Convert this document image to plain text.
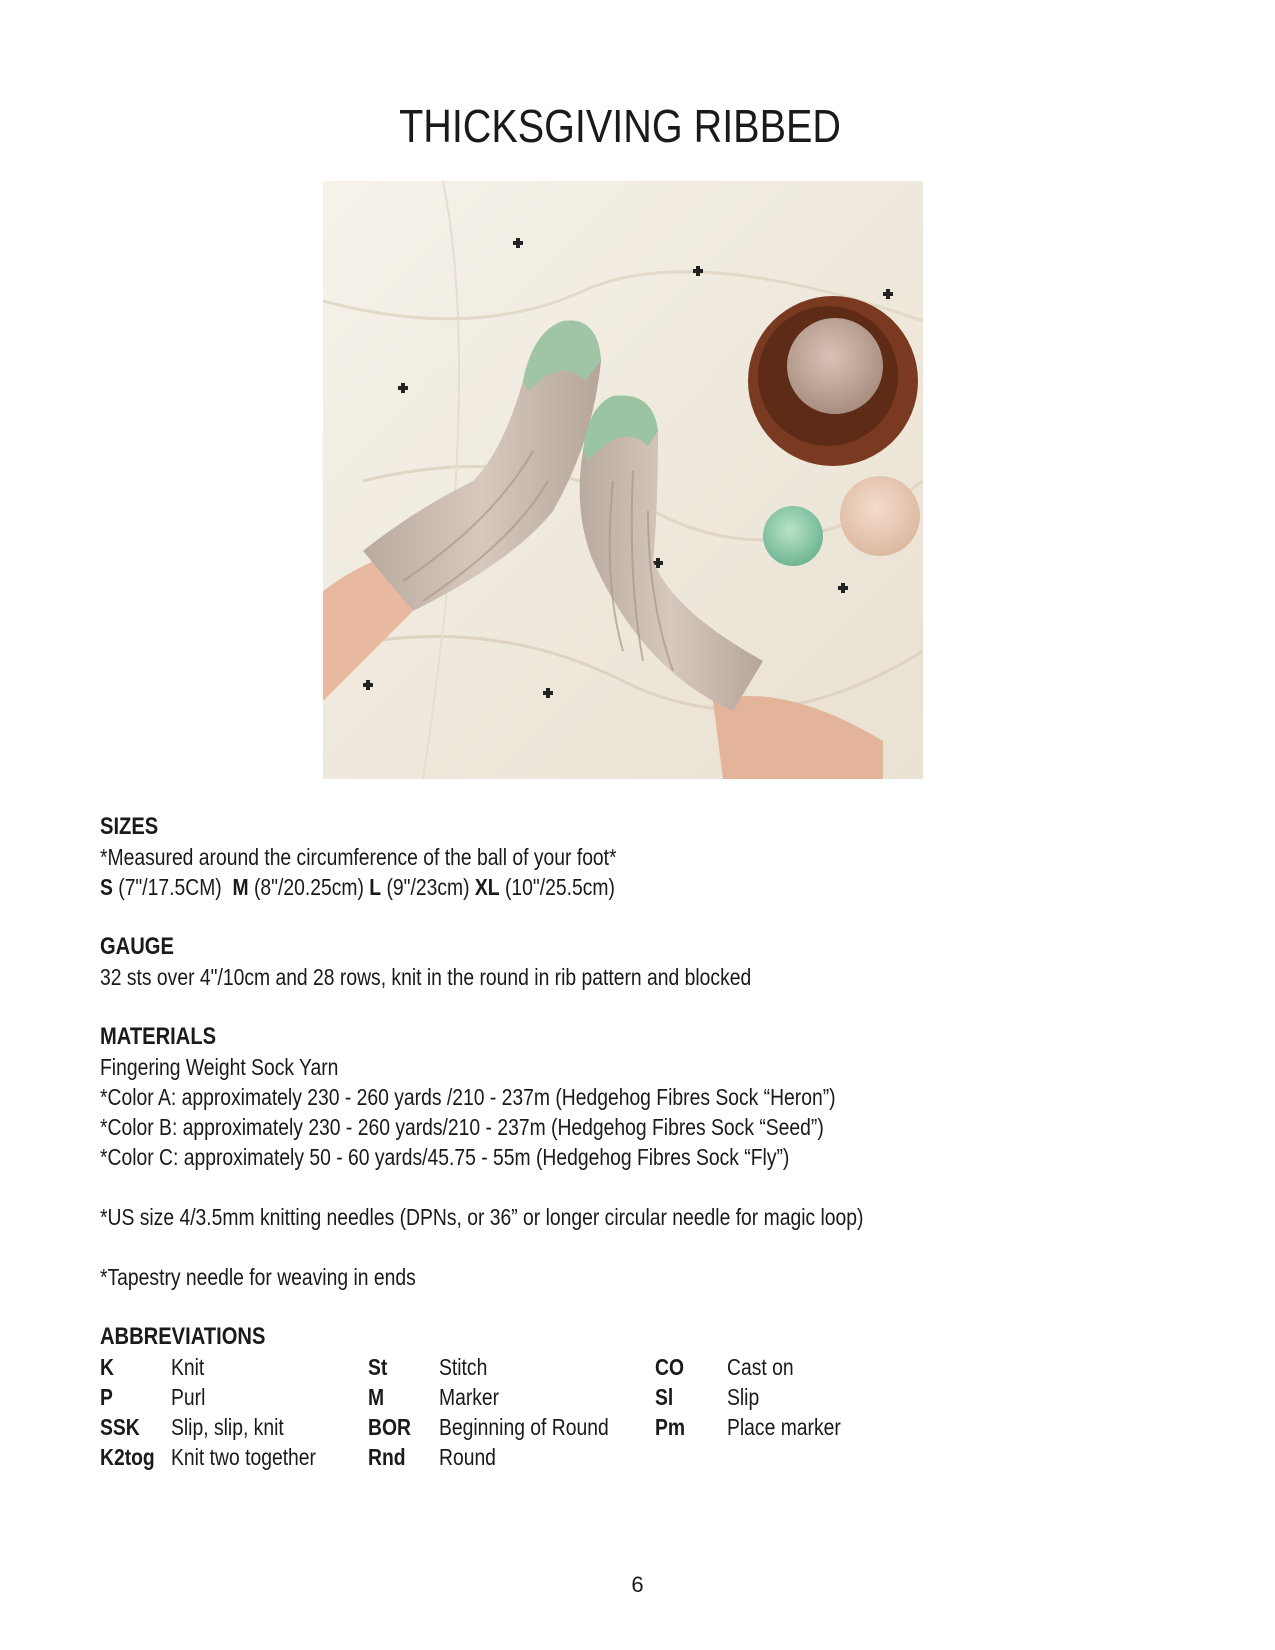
THICKSGIVING RIBBED

SIZES

*Measured around the circumference of the ball of your foot*

S (7"/17.5CM) M (8"/20.25cm) L (9"/23cm) XL (10"/25.5cm)

GAUGE

32 sts over 4"/10cm and 28 rows, knit in the round in rib pattern and blocked

MATERIALS

Fingering Weight Sock Yarn

*Color A: approximately 230 - 260 yards /210 - 237m (Hedgehog Fibres Sock “Heron”)

*Color B: approximately 230 - 260 yards/210 - 237m (Hedgehog Fibres Sock “Seed”)

*Color C: approximately 50 - 60 yards/45.75 - 55m (Hedgehog Fibres Sock “Fly”)

*US size 4/3.5mm knitting needles (DPNs, or 36” or longer circular needle for magic loop)

*Tapestry needle for weaving in ends

ABBREVIATIONS

K Knit
P	Purl
SSK Slip, slip, knit
K2tog Knit two together
St Stitch
M Marker
BOR Beginning of Round
Rnd Round
CO Cast on
Sl Slip
Pm Place marker
6
